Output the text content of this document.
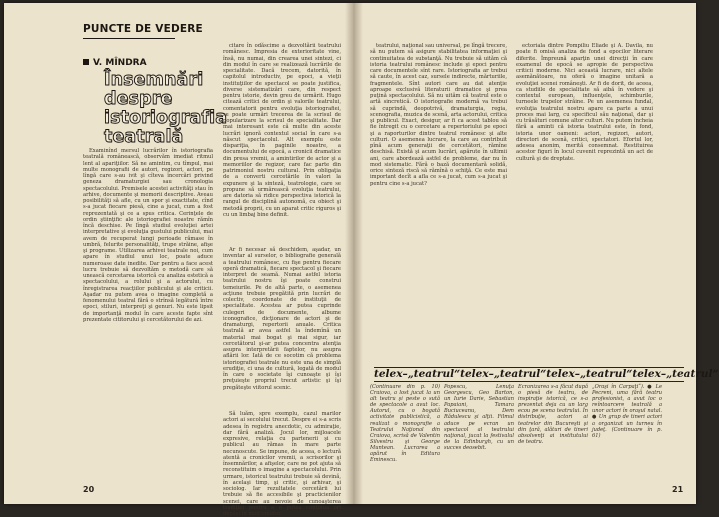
PUNCTE DE VEDERE
V. MÎNDRA
Însemnări
despre
istoriografia
teatrală

Examinînd mersul lucrărilor în istoriografia teatrală românească, observăm imediat ritmul lent al apariţiilor. Să ne amintim, cu tîmpul, mai multe monografii de autori, regizori, actori, pe lîngă care s-au ivit şi cîteva încercări privind geneza dramaturgiei sau cronologia spectacolului. Premisele acestei activităţi stau în arhive, documente şi memorii descriptive. Aveau posibilităţi să afle, cu un spor şi exactitate, cînd s-a jucat fiecare piesă, cine a jucat, cum a fost reprezentată şi ce a spus critica. Cerinţele de ordin ştiinţific ale istoriografiei noastre rămîn încă deschise. Pe lîngă studiul evoluţiei artei interpretative şi evoluţia gustului publicului, mai avem de recuperat lungi perioade rămase în umbră, felurite personalităţi, trupe străine, afişe şi programe. Utilizarea arhivei teatrale noi, cum apare în studiul unui loc, poate aduce numeroase date inedite. Dar pentru a face acest lucru trebuie să dezvoltăm o metodă care să unească cercetarea istorică cu analiza estetică a spectacolului, a rolului şi a actorului, cu înregistrarea reacţiilor publicului şi ale criticii. Aşadar nu putem avea o imagine completă a fenomenului teatral fără o strînsă legătură între epoci, stiluri, interpreţi şi genuri. Nu este lipsit de importanţă modul în care aceste fapte sînt prezentate cititorului şi cercetătorului de azi.

citare în odăscime a dezvoltării teatrului românesc. Impresia de exterioritate vine, însă, nu numai, din crearea unei sintezi, ci din modul în care se realizează lucrările de specialitate. Dacă trecem, datorită, în capitolul introductiv, pe epoci, a vieţii instituţiilor de spectacol se poate justifica, diverse sistematizări care, din respect pentru istorie, devin greu de urmărit. Hugo citează critici de ordin şi valorile teatrului, comentatorii pentru evoluţia istoriografiei, se poate urmări trecerea de la scrisul de popularizare la scrisul de specialitate. Dar mai interesant este că multe din aceste lucrări ignoră contextul social în care s-a născut spectacolul. Alt exemplu este dispariţia, în paginile noastre, a documentului de epocă, a cronicii dramatice din presa vremii, a amintirilor de actor şi a memoriilor de regizor, care fac parte din patrimoniul nostru cultural. Prin obligaţia de a converti cercetările în valori la expunere şi la sinteză, teatrologie, care se propune să urmărească evoluţia teatrului, are datoria să ridice perspectiva istorică la rangul de disciplină autonomă, cu obiect şi metodă proprii, cu un aparat critic riguros şi cu un limbaj bine definit.

Ar fi necesar să deschidem, aşadar, un inventar al surselor, o bibliografie generală a teatrului românesc, cu fişe pentru fiecare operă dramatică, fiecare spectacol şi fiecare interpret de seamă. Numai astfel istoria teatrului nostru îşi poate construi temeiurile. Pe de altă parte, o asemenea acţiune trebuie pregătită prin lucrări de colectiv, coordonate de instituţii de specialitate. Acestea ar putea cuprinde culegeri de documente, albume iconografice, dicţionare de actori şi de dramaturgi, repertorii anuale. Critica teatrală ar avea astfel la îndemînă un material mai bogat şi mai sigur, iar cercetătorul şi-ar putea concentra atenţia asupra interpretării faptelor, nu asupra aflării lor. Iată de ce socotim că problema istoriografiei teatrale nu este una de simplă erudiţie, ci una de cultură, legată de modul în care o societate îşi cunoaşte şi îşi preţuieşte propriul trecut artistic şi îşi pregăteşte viitorul scenic.

Să luăm, spre exemplu, cazul marilor actori ai secolului trecut. Despre ei s-a scris adesea în registru anecdotic, cu admiraţie, dar fără analiză. Jocul lor, mijloacele expresive, relaţia cu partenerii şi cu publicul au rămas în mare parte necunoscute. Se impune, de aceea, o lectură atentă a cronicilor vremii, a scrisorilor şi însemnărilor, a afişelor, care ne pot ajuta să reconstituim o imagine a spectacolului. Prin urmare, istoricul teatrului trebuie să devină, în acelaşi timp, şi critic, şi arhivar, şi sociolog. Iar rezultatele cercetării lui trebuie să fie accesibile şi practicienilor scenei, care au nevoie de cunoaşterea tradiţiei pentru a o putea continua ori depăşi în mod creator.

20

teatrului, naţional sau universal, pe lîngă trecere, să nu putem să asigure stabilitatea informaţiei şi continuitatea de substanţă. Nu trebuie să uităm că istoria teatrului românesc include şi epoci pentru care documentele sînt rare. Istoriografia ar trebui să caute, în acest caz, sursele indirecte, mărturiile, fragmentele. Sînt autori care au dat atenţie aproape exclusivă literaturii dramatice şi prea puţină spectacolului. Să nu uităm că teatrul este o artă sincretică. O istoriografie modernă va trebui să cuprindă, deopotrivă, dramaturgia, regia, scenografia, muzica de scenă, arta actorului, critica şi publicul. Exact, desigur, ar fi ca acest tablou să fie întregit cu o cercetare a repertoriului pe epoci şi a raporturilor dintre teatrul românesc şi alte culturi. O asemenea lucrare, la care au contribuit pînă acum generaţii de cercetători, rămîne deschisă. Există şi acum lucrări, apărute în ultimii ani, care abordează astfel de probleme, dar nu în mod sistematic. Fără o bază documentară solidă, orice sinteză riscă să rămînă o schiţă. Ce este mai important decît a afla ce s-a jucat, cum s-a jucat şi pentru cine s-a jucat?

ectoriala dintre Pompiliu Eliade şi A. Davila, nu poate fi omisă analiza de fond a epocilor literare diferite. Împreună aparţin unei direcţii în care examenul de epocă se apropie de perspectiva criticii moderne. Nici această lucrare, nici altele asemănătoare, nu oferă o imagine unitară a evoluţiei scenei româneşti. Ar fi de dorit, de aceea, ca studiile de specialitate să aibă în vedere şi contextul european, influenţele, schimburile, turneele trupelor străine. Pe un asemenea fundal, evoluţia teatrului nostru apare ca parte a unui proces mai larg, cu specificul său naţional, dar şi cu trăsături comune altor culturi. Nu putem încheia fără a aminti că istoria teatrului este, în fond, istoria unor oameni: actori, regizori, autori, directori de scenă, critici, spectatori. Efortul lor, adesea anonim, merită consemnat. Restituirea acestor figuri în locul cuvenit reprezintă un act de cultură şi de dreptate.

telex–„teatrul“telex–„teatrul“telex–„teatrul“telex–„teatrul“

(Continuare din p. 10) Craiova, a lost jucat la un alt teatru şi peste o sută de spectacole a avut loc. Autorul, cu o bogată activitate publicistică, a realizat o monografie a Teatrului Naţional din Craiova, scrisă de Valentin Silvestru şi George Muntean. Lucrarea a apărut în Editura Eminescu.

Popescu, Lenuţa Georgescu, Geo Barton, un Iurie Darie, Sebastian Papaiani, Tamara Buciuceanu, Dem Rădulescu şi alţii. Filmul aduce pe ecran un spectacol al teatrului naţional, jucat la festivalul de la Edinburgh, cu un succes deosebit.

Ecranizarea s-a făcut după o piesă de teatru, de inspiraţie istorică, ce s-a prezentat deja cu un larg ecou pe scena teatrului. În distribuţie, actori ai teatrelor din Bucureşti şi din ţară, alături de tineri absolvenţi ai institutului de teatru.

„Oraşi în Carpaţi“). ● Le Pecreni, uma fără teatru profesionist, a avut loc o reîntoarcere teatrală a unor actori în oraşul natal. ● Un grup de tineri actori a organizat un turneu în judeţ. (Continuare în p. 61)

21
